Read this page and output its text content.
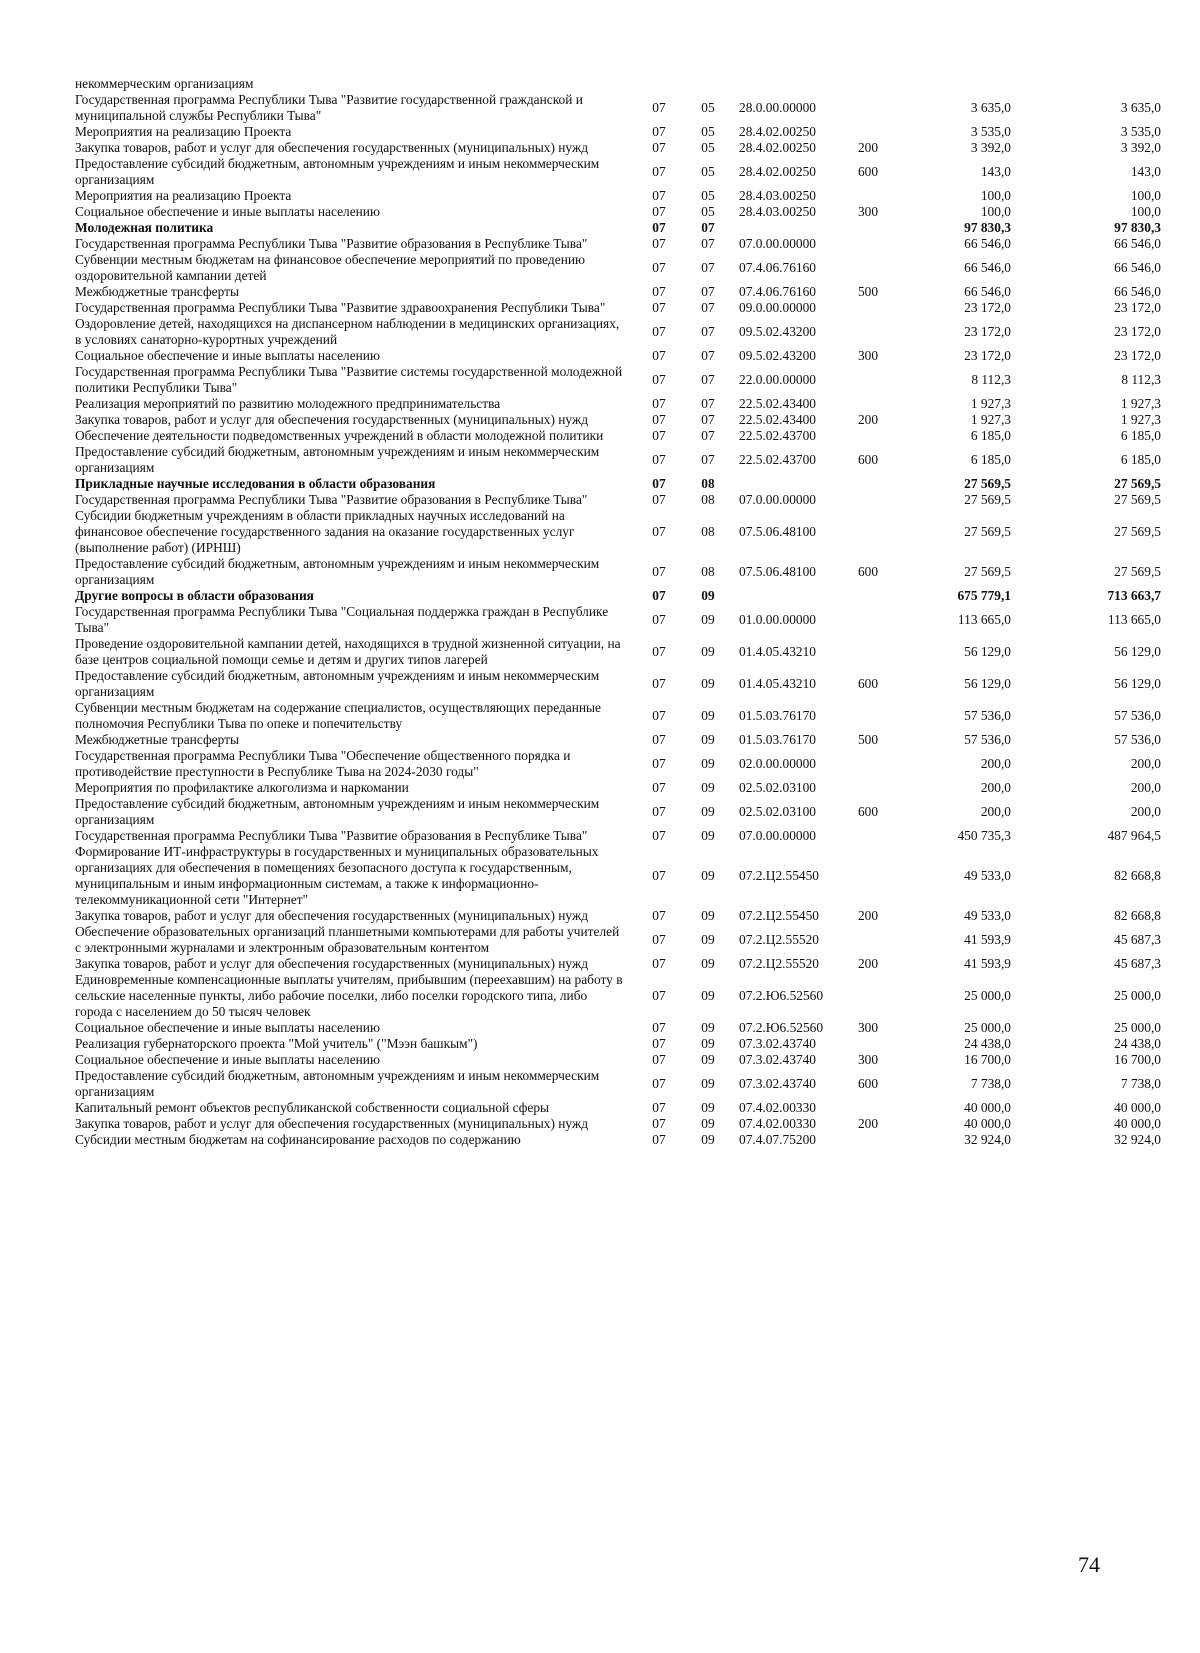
некоммерческим организациям						
Государственная программа Республики Тыва "Развитие государственной гражданской и муниципальной службы Республики Тыва"	07	05	28.0.00.00000		3 635,0	3 635,0
Мероприятия на реализацию Проекта	07	05	28.4.02.00250		3 535,0	3 535,0
Закупка товаров, работ и услуг для обеспечения государственных (муниципальных) нужд	07	05	28.4.02.00250	200	3 392,0	3 392,0
Предоставление субсидий бюджетным, автономным учреждениям и иным некоммерческим организациям	07	05	28.4.02.00250	600	143,0	143,0
Мероприятия на реализацию Проекта	07	05	28.4.03.00250		100,0	100,0
Социальное обеспечение и иные выплаты населению	07	05	28.4.03.00250	300	100,0	100,0
Молодежная политика	07	07			97 830,3	97 830,3
Государственная программа Республики Тыва "Развитие образования в Республике Тыва"	07	07	07.0.00.00000		66 546,0	66 546,0
Субвенции местным бюджетам на финансовое обеспечение мероприятий по проведению оздоровительной кампании детей	07	07	07.4.06.76160		66 546,0	66 546,0
Межбюджетные трансферты	07	07	07.4.06.76160	500	66 546,0	66 546,0
Государственная программа Республики Тыва "Развитие здравоохранения Республики Тыва"	07	07	09.0.00.00000		23 172,0	23 172,0
Оздоровление детей, находящихся на диспансерном наблюдении в медицинских организациях, в условиях санаторно-курортных учреждений	07	07	09.5.02.43200		23 172,0	23 172,0
Социальное обеспечение и иные выплаты населению	07	07	09.5.02.43200	300	23 172,0	23 172,0
Государственная программа Республики Тыва "Развитие системы государственной молодежной политики Республики Тыва"	07	07	22.0.00.00000		8 112,3	8 112,3
Реализация мероприятий по развитию молодежного предпринимательства	07	07	22.5.02.43400		1 927,3	1 927,3
Закупка товаров, работ и услуг для обеспечения государственных (муниципальных) нужд	07	07	22.5.02.43400	200	1 927,3	1 927,3
Обеспечение деятельности подведомственных учреждений в области молодежной политики	07	07	22.5.02.43700		6 185,0	6 185,0
Предоставление субсидий бюджетным, автономным учреждениям и иным некоммерческим организациям	07	07	22.5.02.43700	600	6 185,0	6 185,0
Прикладные научные исследования в области образования	07	08			27 569,5	27 569,5
Государственная программа Республики Тыва "Развитие образования в Республике Тыва"	07	08	07.0.00.00000		27 569,5	27 569,5
Субсидии бюджетным учреждениям в области прикладных научных исследований на финансовое обеспечение государственного задания на оказание государственных услуг (выполнение работ) (ИРНШ)	07	08	07.5.06.48100		27 569,5	27 569,5
Предоставление субсидий бюджетным, автономным учреждениям и иным некоммерческим организациям	07	08	07.5.06.48100	600	27 569,5	27 569,5
Другие вопросы в области образования	07	09			675 779,1	713 663,7
Государственная программа Республики Тыва "Социальная поддержка граждан в Республике Тыва"	07	09	01.0.00.00000		113 665,0	113 665,0
Проведение оздоровительной кампании детей, находящихся в трудной жизненной ситуации, на базе центров социальной помощи семье и детям и других типов лагерей	07	09	01.4.05.43210		56 129,0	56 129,0
Предоставление субсидий бюджетным, автономным учреждениям и иным некоммерческим организациям	07	09	01.4.05.43210	600	56 129,0	56 129,0
Субвенции местным бюджетам на содержание специалистов, осуществляющих переданные полномочия Республики Тыва по опеке и попечительству	07	09	01.5.03.76170		57 536,0	57 536,0
Межбюджетные трансферты	07	09	01.5.03.76170	500	57 536,0	57 536,0
Государственная программа Республики Тыва "Обеспечение общественного порядка и противодействие преступности в Республике Тыва на 2024-2030 годы"	07	09	02.0.00.00000		200,0	200,0
Мероприятия по профилактике алкоголизма и наркомании	07	09	02.5.02.03100		200,0	200,0
Предоставление субсидий бюджетным, автономным учреждениям и иным некоммерческим организациям	07	09	02.5.02.03100	600	200,0	200,0
Государственная программа Республики Тыва "Развитие образования в Республике Тыва"	07	09	07.0.00.00000		450 735,3	487 964,5
Формирование ИТ-инфраструктуры в государственных и муниципальных образовательных организациях для обеспечения в помещениях безопасного доступа к государственным, муниципальным и иным информационным системам, а также к информационно-телекоммуникационной сети "Интернет"	07	09	07.2.Ц2.55450		49 533,0	82 668,8
Закупка товаров, работ и услуг для обеспечения государственных (муниципальных) нужд	07	09	07.2.Ц2.55450	200	49 533,0	82 668,8
Обеспечение образовательных организаций планшетными компьютерами для работы учителей с электронными журналами и электронным образовательным контентом	07	09	07.2.Ц2.55520		41 593,9	45 687,3
Закупка товаров, работ и услуг для обеспечения государственных (муниципальных) нужд	07	09	07.2.Ц2.55520	200	41 593,9	45 687,3
Единовременные компенсационные выплаты учителям, прибывшим (переехавшим) на работу в сельские населенные пункты, либо рабочие поселки, либо поселки городского типа, либо города с населением до 50 тысяч человек	07	09	07.2.Ю6.52560		25 000,0	25 000,0
Социальное обеспечение и иные выплаты населению	07	09	07.2.Ю6.52560	300	25 000,0	25 000,0
Реализация губернаторского проекта "Мой учитель" ("Мээн башкым")	07	09	07.3.02.43740		24 438,0	24 438,0
Социальное обеспечение и иные выплаты населению	07	09	07.3.02.43740	300	16 700,0	16 700,0
Предоставление субсидий бюджетным, автономным учреждениям и иным некоммерческим организациям	07	09	07.3.02.43740	600	7 738,0	7 738,0
Капитальный ремонт объектов республиканской собственности социальной сферы	07	09	07.4.02.00330		40 000,0	40 000,0
Закупка товаров, работ и услуг для обеспечения государственных (муниципальных) нужд	07	09	07.4.02.00330	200	40 000,0	40 000,0
Субсидии местным бюджетам на софинансирование расходов по содержанию	07	09	07.4.07.75200		32 924,0	32 924,0
74
